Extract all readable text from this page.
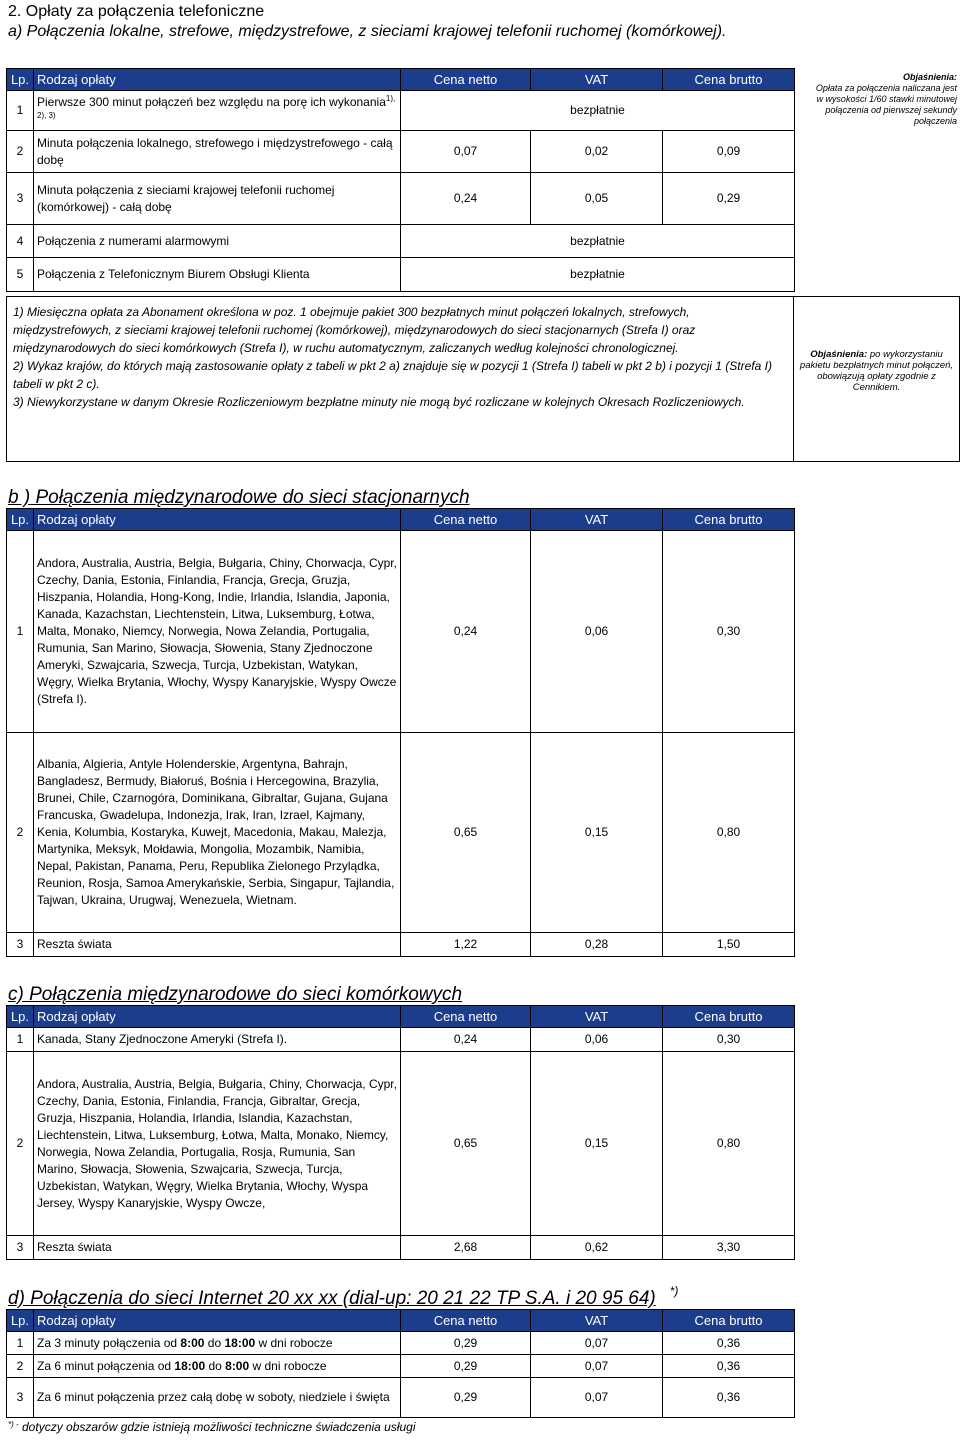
2. Opłaty za połączenia telefoniczne
a) Połączenia lokalne, strefowe, międzystrefowe, z sieciami krajowej telefonii ruchomej (komórkowej).
Lp.	Rodzaj opłaty	Cena netto	VAT	Cena brutto
1	Pierwsze 300 minut połączeń bez względu na porę ich wykonania$^{1), 2), 3)}$	bezpłatnie		
2	Minuta połączenia lokalnego, strefowego i międzystrefowego - całą dobę	0,07	0,02	0,09
3	Minuta połączenia z sieciami krajowej telefonii ruchomej (komórkowej) - całą dobę	0,24	0,05	0,29
4	Połączenia z numerami alarmowymi	bezpłatnie		
5	Połączenia z Telefonicznym Biurem Obsługi Klienta	bezpłatnie		
Objaśnienia:
Opłata za połączenia naliczana jest w wysokości 1/60 stawki minutowej połączenia od pierwszej sekundy połączenia
1) Miesięczna opłata za Abonament określona w poz. 1 obejmuje pakiet 300 bezpłatnych minut połączeń lokalnych, strefowych, międzystrefowych, z sieciami krajowej telefonii ruchomej (komórkowej), międzynarodowych do sieci stacjonarnych (Strefa I) oraz międzynarodowych do sieci komórkowych (Strefa I), w ruchu automatycznym, zaliczanych według kolejności chronologicznej.
2) Wykaz krajów, do których mają zastosowanie opłaty z tabeli w pkt 2 a) znajduje się w pozycji 1 (Strefa I) tabeli w pkt 2 b) i pozycji 1 (Strefa I) tabeli w pkt 2 c).
3) Niewykorzystane w danym Okresie Rozliczeniowym bezpłatne minuty nie mogą być rozliczane w kolejnych Okresach Rozliczeniowych.
Objaśnienia: po wykorzystaniu pakietu bezpłatnych minut połączeń, obowiązują opłaty zgodnie z Cennikiem.
b ) Połączenia międzynarodowe do sieci stacjonarnych
Lp.	Rodzaj opłaty	Cena netto	VAT	Cena brutto
1	Andora, Australia, Austria, Belgia, Bułgaria, Chiny, Chorwacja, Cypr, Czechy, Dania, Estonia, Finlandia, Francja, Grecja, Gruzja, Hiszpania, Holandia, Hong-Kong, Indie, Irlandia, Islandia, Japonia, Kanada, Kazachstan, Liechtenstein, Litwa, Luksemburg, Łotwa, Malta, Monako, Niemcy, Norwegia, Nowa Zelandia, Portugalia, Rumunia, San Marino, Słowacja, Słowenia, Stany Zjednoczone Ameryki, Szwajcaria, Szwecja, Turcja, Uzbekistan, Watykan, Węgry, Wielka Brytania, Włochy, Wyspy Kanaryjskie, Wyspy Owcze (Strefa I).	0,24	0,06	0,30
2	Albania, Algieria, Antyle Holenderskie, Argentyna, Bahrajn, Bangladesz, Bermudy, Białoruś, Bośnia i Hercegowina, Brazylia, Brunei, Chile, Czarnogóra, Dominikana, Gibraltar, Gujana, Gujana Francuska, Gwadelupa, Indonezja, Irak, Iran, Izrael, Kajmany, Kenia, Kolumbia, Kostaryka, Kuwejt, Macedonia, Makau, Malezja, Martynika, Meksyk, Mołdawia, Mongolia, Mozambik, Namibia, Nepal, Pakistan, Panama, Peru, Republika Zielonego Przylądka, Reunion, Rosja, Samoa Amerykańskie, Serbia, Singapur, Tajlandia, Tajwan, Ukraina, Urugwaj, Wenezuela, Wietnam.	0,65	0,15	0,80
3	Reszta świata	1,22	0,28	1,50
c) Połączenia międzynarodowe do sieci komórkowych
Lp.	Rodzaj opłaty	Cena netto	VAT	Cena brutto
1	Kanada, Stany Zjednoczone Ameryki (Strefa I).	0,24	0,06	0,30
2	Andora, Australia, Austria, Belgia, Bułgaria, Chiny, Chorwacja, Cypr, Czechy, Dania, Estonia, Finlandia, Francja, Gibraltar, Grecja, Gruzja, Hiszpania, Holandia, Irlandia, Islandia, Kazachstan, Liechtenstein, Litwa, Luksemburg, Łotwa, Malta, Monako, Niemcy, Norwegia, Nowa Zelandia, Portugalia, Rosja, Rumunia, San Marino, Słowacja, Słowenia, Szwajcaria, Szwecja, Turcja, Uzbekistan, Watykan, Węgry, Wielka Brytania, Włochy, Wyspa Jersey, Wyspy Kanaryjskie, Wyspy Owcze,	0,65	0,15	0,80
3	Reszta świata	2,68	0,62	3,30
d) Połączenia do sieci Internet 20 xx xx (dial-up: 20 21 22 TP S.A. i 20 95 64) *)
Lp.	Rodzaj opłaty	Cena netto	VAT	Cena brutto
1	Za 3 minuty połączenia od 8:00 do 18:00 w dni robocze	0,29	0,07	0,36
2	Za 6 minut połączenia od 18:00 do 8:00 w dni robocze	0,29	0,07	0,36
3	Za 6 minut połączenia przez całą dobę w soboty, niedziele i święta	0,29	0,07	0,36
*) - dotyczy obszarów gdzie istnieją możliwości techniczne świadczenia usługi
